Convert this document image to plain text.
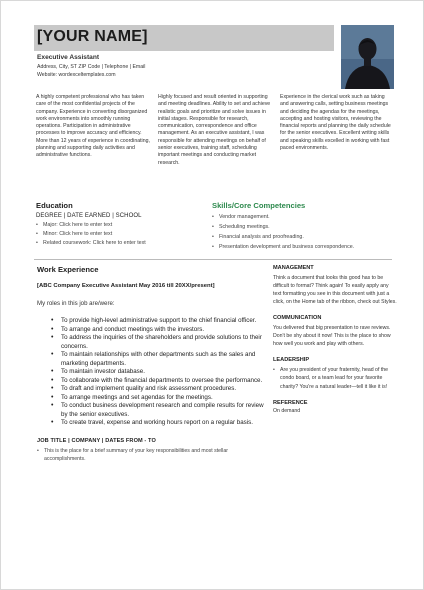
[YOUR NAME]
Executive Assistant
Address, City, ST ZIP Code | Telephone | Email
Website: wordexceltemplates.com

A highly competent professional who has taken care of the most confidential projects of the company. Experience in converting disorganized work environments into smoothly running operations. Participation in administrative processes to improve accuracy and efficiency. More than 12 years of experience in coordinating, planning and supporting daily activities and administrative functions.

Highly focused and result oriented in supporting and meeting deadlines. Ability to set and achieve realistic goals and prioritize and solve issues in initial stages. Responsible for research, communication, correspondence and office management. As an executive assistant, I was responsible for attending meetings on behalf of senior executives, training staff, scheduling important meetings and conducting market research.

Experience in the clerical work such as taking and answering calls, setting business meetings and deciding the agendas for the meetings, accepting and hosting visitors, reviewing the financial reports and planning the daily schedule for the senior executives. Excellent writing skills and speaking skills excelled in working with fast paced environments.

Education
DEGREE | DATE EARNED | SCHOOL
• Major: Click here to enter text
• Minor: Click here to enter text
• Related coursework: Click here to enter text
Skills/Core Competencies
• Vendor management.
• Scheduling meetings.
• Financial analysis and proofreading.
• Presentation development and business correspondence.
Work Experience
[ABC Company Executive Assistant May 2016 till 20XX/present]
My roles in this job are/were:
• To provide high-level administrative support to the chief financial officer.
• To arrange and conduct meetings with the investors.
• To address the inquiries of the shareholders and provide solutions to their concerns.
• To maintain relationships with other departments such as the sales and marketing departments.
• To maintain investor database.
• To collaborate with the financial departments to oversee the performance.
• To draft and implement quality and risk assessment procedures.
• To arrange meetings and set agendas for the meetings.
• To conduct business development research and compile results for review by the senior executives.
• To create travel, expense and working hours report on a regular basis.
JOB TITLE | COMPANY | DATES FROM - TO
• This is the place for a brief summary of your key responsibilities and most stellar accomplishments.
MANAGEMENT

Think a document that looks this good has to be difficult to format? Think again! To easily apply any text formatting you see in this document with just a click, on the Home tab of the ribbon, check out Styles.

COMMUNICATION

You delivered that big presentation to rave reviews. Don't be shy about it now! This is the place to show how well you work and play with others.

LEADERSHIP
• Are you president of your fraternity, head of the condo board, or a team lead for your favorite charity? You're a natural leader—tell it like it is!
REFERENCE

On demand
